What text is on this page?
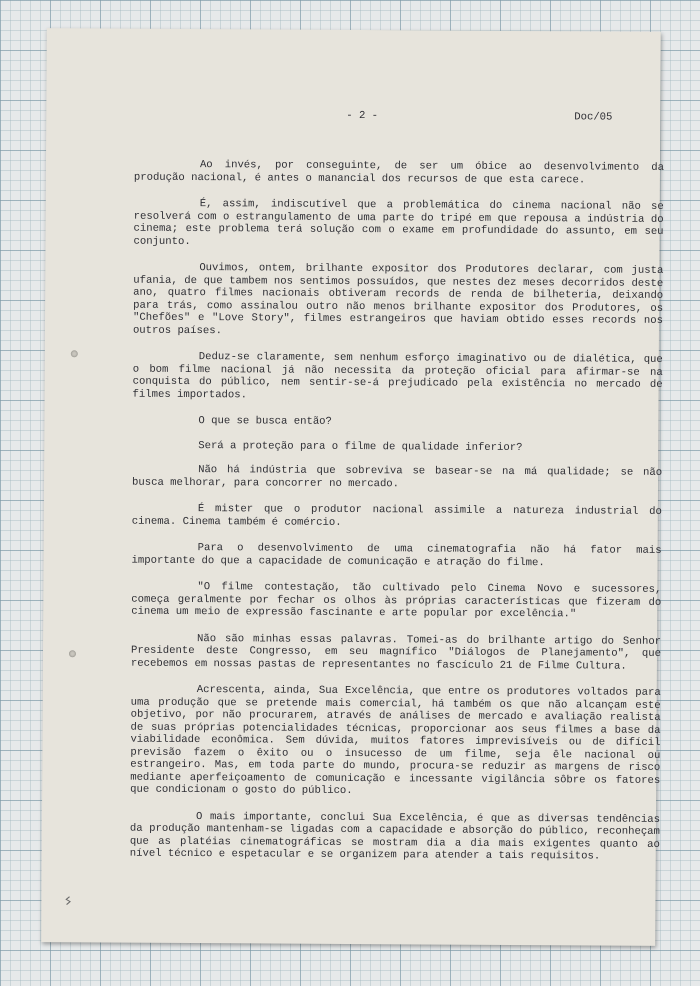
- 2 -	Doc/05

Ao invés, por conseguinte, de ser um óbice ao desenvolvimento da produção nacional, é antes o manancial dos recursos de que esta carece.

É, assim, indiscutível que a problemática do cinema nacional não se resolverá com o estrangulamento de uma parte do tripé em que repousa a indústria do cinema; este problema terá solução com o exame em profundidade do assunto, em seu conjunto.

Ouvimos, ontem, brilhante expositor dos Produtores declarar, com justa ufania, de que tambem nos sentimos possuídos, que nestes dez meses decorridos deste ano, quatro filmes nacionais obtiveram records de renda de bilheteria, deixando para trás, como assinalou outro não menos brilhante expositor dos Produtores, os "Chefões" e "Love Story", filmes estrangeiros que haviam obtido esses records nos outros países.

Deduz-se claramente, sem nenhum esforço imaginativo ou de dialética, que o bom filme nacional já não necessita da proteção oficial para afirmar-se na conquista do público, nem sentir-se-á prejudicado pela existência no mercado de filmes importados.

O que se busca então?

Será a proteção para o filme de qualidade inferior?

Não há indústria que sobreviva se basear-se na má qualidade; se não busca melhorar, para concorrer no mercado.

É mister que o produtor nacional assimile a natureza industrial do cinema. Cinema também é comércio.

Para o desenvolvimento de uma cinematografia não há fator mais importante do que a capacidade de comunicação e atração do filme.

"O filme contestação, tão cultivado pelo Cinema Novo e sucessores, começa geralmente por fechar os olhos às próprias características que fizeram do cinema um meio de expressão fascinante e arte popular por excelência."

Não são minhas essas palavras. Tomei-as do brilhante artigo do Senhor Presidente deste Congresso, em seu magnífico "Diálogos de Planejamento", que recebemos em nossas pastas de representantes no fascículo 21 de Filme Cultura.

Acrescenta, ainda, Sua Excelência, que entre os produtores voltados para uma produção que se pretende mais comercial, há também os que não alcançam este objetivo, por não procurarem, através de análises de mercado e avaliação realista de suas próprias potencialidades técnicas, proporcionar aos seus filmes a base da viabilidade econômica. Sem dúvida, muitos fatores imprevisíveis ou de difícil previsão fazem o êxito ou o insucesso de um filme, seja êle nacional ou estrangeiro. Mas, em toda parte do mundo, procura-se reduzir as margens de risco mediante aperfeiçoamento de comunicação e incessante vigilância sôbre os fatores que condicionam o gosto do público.

O mais importante, conclui Sua Excelência, é que as diversas tendências da produção mantenham-se ligadas com a capacidade e absorção do público, reconheçam que as platéias cinematográficas se mostram dia a dia mais exigentes quanto ao nível técnico e espetacular e se organizem para atender a tais requisitos.

ϟ
